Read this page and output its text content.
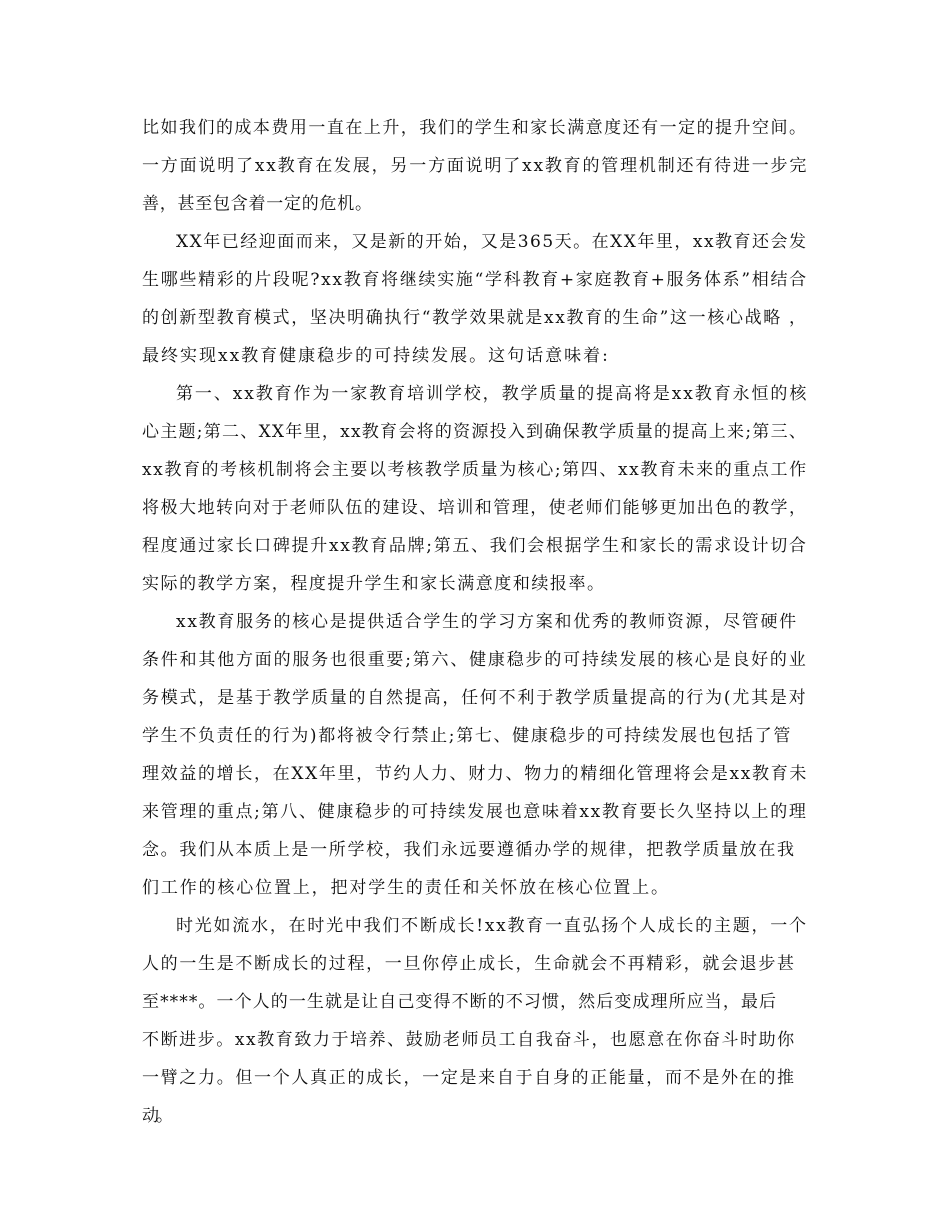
比如我们的成本费用一直在上升，我们的学生和家长满意度还有一定的提升空间。
一方面说明了xx教育在发展，另一方面说明了xx教育的管理机制还有待进一步完
善，甚至包含着一定的危机。
XX年已经迎面而来，又是新的开始，又是365天。在XX年里，xx教育还会发
生哪些精彩的片段呢?xx教育将继续实施“学科教育+家庭教育+服务体系”相结合
的创新型教育模式，坚决明确执行“教学效果就是xx教育的生命”这一核心战略 ，
最终实现xx教育健康稳步的可持续发展。这句话意味着:
第一、xx教育作为一家教育培训学校，教学质量的提高将是xx教育永恒的核
心主题;第二、XX年里，xx教育会将的资源投入到确保教学质量的提高上来;第三、
xx教育的考核机制将会主要以考核教学质量为核心;第四、xx教育未来的重点工作
将极大地转向对于老师队伍的建设、培训和管理，使老师们能够更加出色的教学，
程度通过家长口碑提升xx教育品牌;第五、我们会根据学生和家长的需求设计切合
实际的教学方案，程度提升学生和家长满意度和续报率。
xx教育服务的核心是提供适合学生的学习方案和优秀的教师资源，尽管硬件
条件和其他方面的服务也很重要;第六、健康稳步的可持续发展的核心是良好的业
务模式，是基于教学质量的自然提高，任何不利于教学质量提高的行为(尤其是对
学生不负责任的行为)都将被令行禁止;第七、健康稳步的可持续发展也包括了管
理效益的增长，在XX年里，节约人力、财力、物力的精细化管理将会是xx教育未
来管理的重点;第八、健康稳步的可持续发展也意味着xx教育要长久坚持以上的理
念。我们从本质上是一所学校，我们永远要遵循办学的规律，把教学质量放在我
们工作的核心位置上，把对学生的责任和关怀放在核心位置上。
时光如流水，在时光中我们不断成长!xx教育一直弘扬个人成长的主题，一个
人的一生是不断成长的过程，一旦你停止成长，生命就会不再精彩，就会退步甚
至****。一个人的一生就是让自己变得不断的不习惯，然后变成理所应当，最后
不断进步。xx教育致力于培养、鼓励老师员工自我奋斗，也愿意在你奋斗时助你
一臂之力。但一个人真正的成长，一定是来自于自身的正能量，而不是外在的推
动。
